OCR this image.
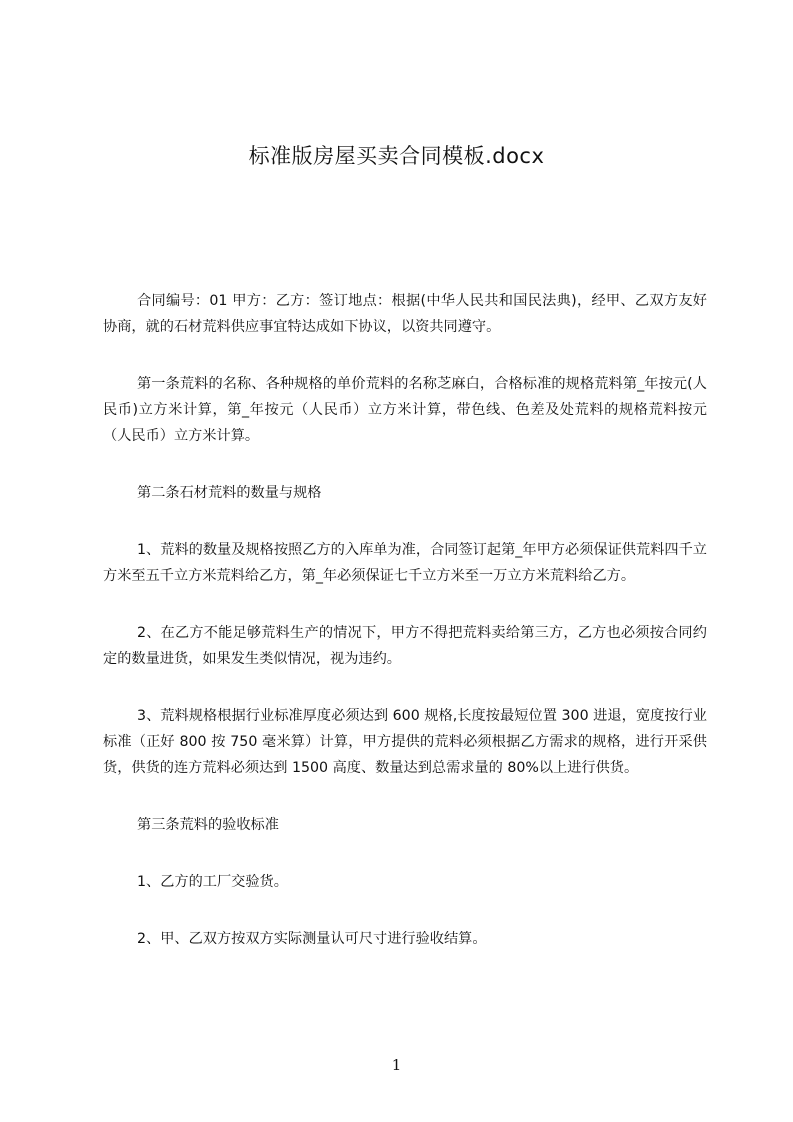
标准版房屋买卖合同模板.docx

合同编号：01 甲方：乙方：签订地点：根据(中华人民共和国民法典)，经甲、乙双方友好协商，就的石材荒料供应事宜特达成如下协议，以资共同遵守。

第一条荒料的名称、各种规格的单价荒料的名称芝麻白，合格标准的规格荒料第_年按元(人民币)立方米计算，第_年按元（人民币）立方米计算，带色线、色差及处荒料的规格荒料按元（人民币）立方米计算。

第二条石材荒料的数量与规格

1、荒料的数量及规格按照乙方的入库单为准，合同签订起第_年甲方必须保证供荒料四千立方米至五千立方米荒料给乙方，第_年必须保证七千立方米至一万立方米荒料给乙方。

2、在乙方不能足够荒料生产的情况下，甲方不得把荒料卖给第三方，乙方也必须按合同约定的数量进货，如果发生类似情况，视为违约。

3、荒料规格根据行业标准厚度必须达到 600 规格,长度按最短位置 300 进退，宽度按行业标准（正好 800 按 750 毫米算）计算，甲方提供的荒料必须根据乙方需求的规格，进行开采供货，供货的连方荒料必须达到 1500 高度、数量达到总需求量的 80%以上进行供货。

第三条荒料的验收标准

1、乙方的工厂交验货。

2、甲、乙双方按双方实际测量认可尺寸进行验收结算。

1
